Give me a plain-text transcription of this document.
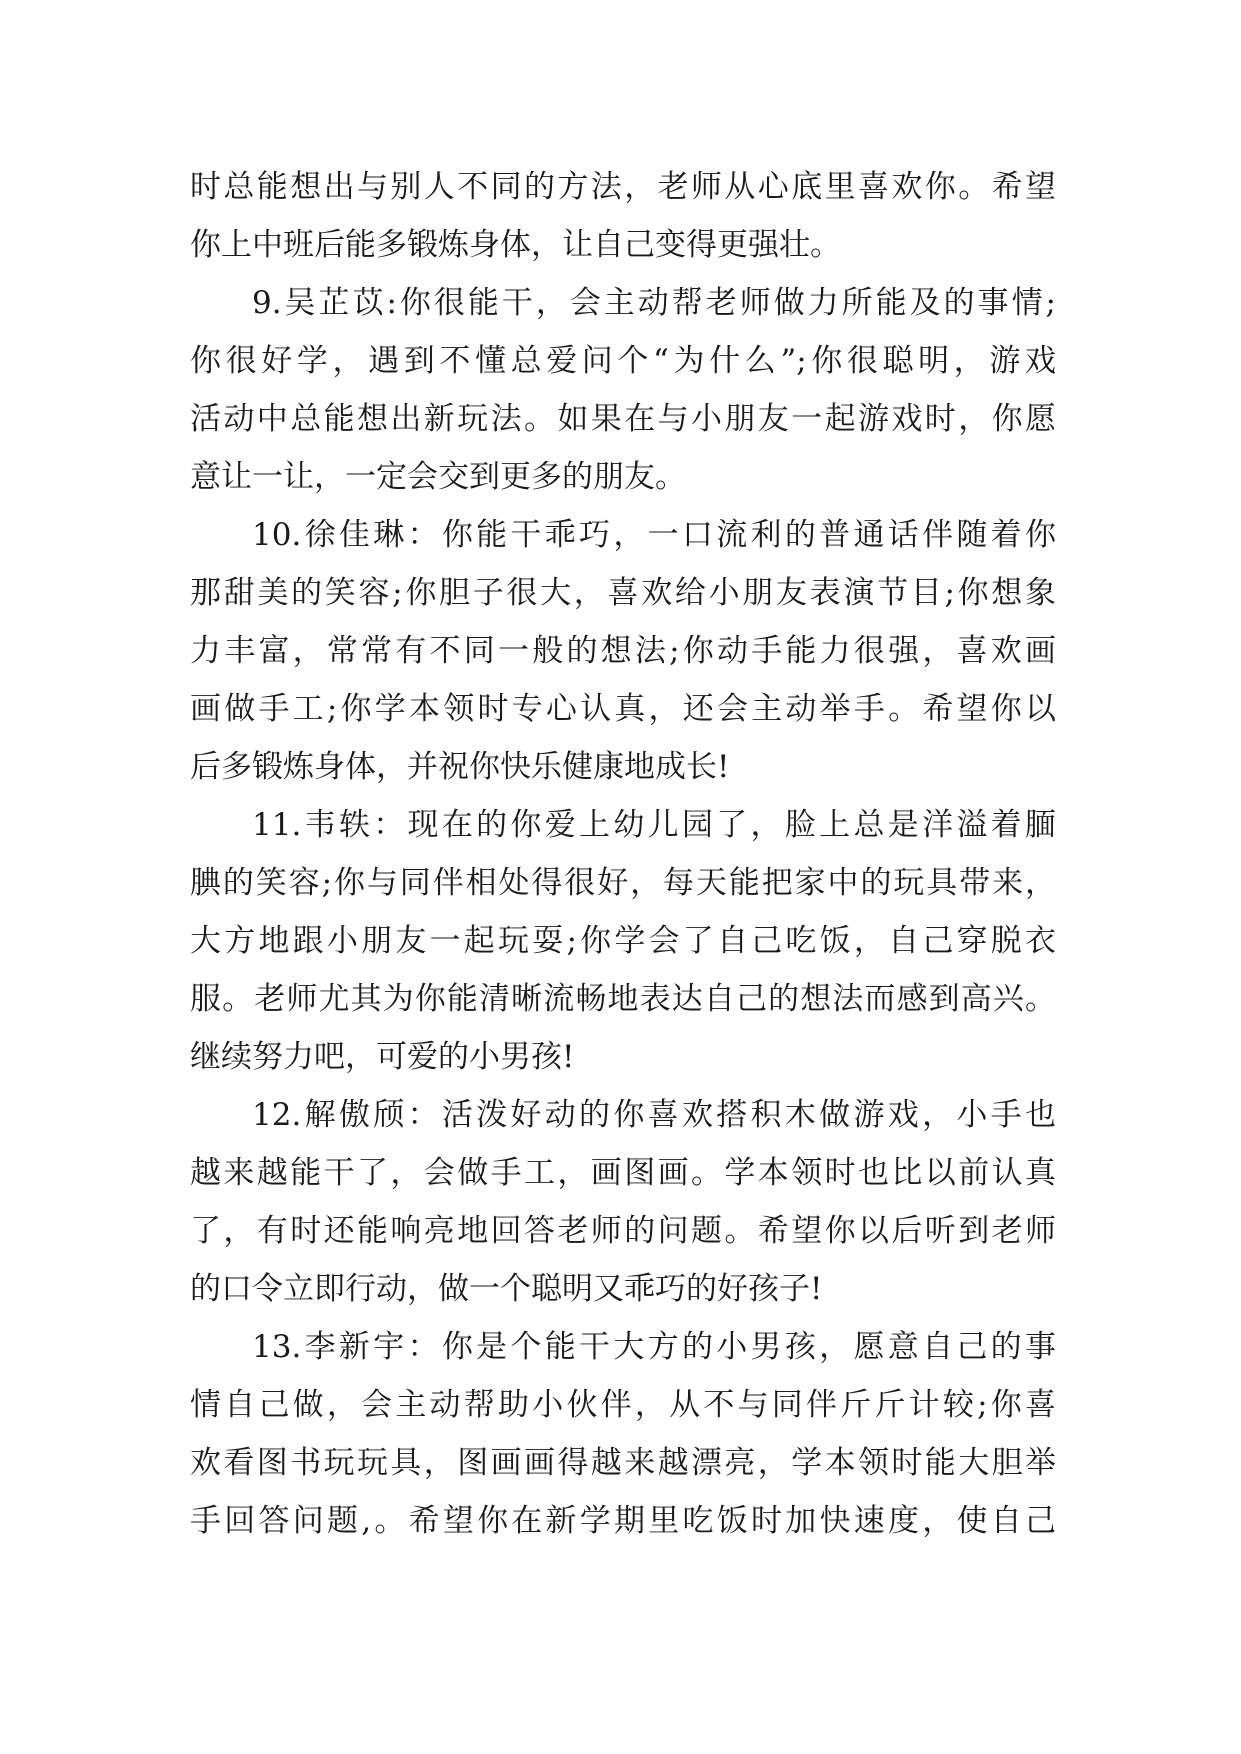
时总能想出与别人不同的方法，老师从心底里喜欢你。希望
你上中班后能多锻炼身体，让自己变得更强壮。
9.吴芷苡:你很能干，会主动帮老师做力所能及的事情;
你很好学，遇到不懂总爱问个“为什么”;你很聪明，游戏
活动中总能想出新玩法。如果在与小朋友一起游戏时，你愿
意让一让，一定会交到更多的朋友。
10.徐佳琳：你能干乖巧，一口流利的普通话伴随着你
那甜美的笑容;你胆子很大，喜欢给小朋友表演节目;你想象
力丰富，常常有不同一般的想法;你动手能力很强，喜欢画
画做手工;你学本领时专心认真，还会主动举手。希望你以
后多锻炼身体，并祝你快乐健康地成长!
11.韦轶：现在的你爱上幼儿园了，脸上总是洋溢着腼
腆的笑容;你与同伴相处得很好，每天能把家中的玩具带来，
大方地跟小朋友一起玩耍;你学会了自己吃饭，自己穿脱衣
服。老师尤其为你能清晰流畅地表达自己的想法而感到高兴。
继续努力吧，可爱的小男孩!
12.解傲颀：活泼好动的你喜欢搭积木做游戏，小手也
越来越能干了，会做手工，画图画。学本领时也比以前认真
了，有时还能响亮地回答老师的问题。希望你以后听到老师
的口令立即行动，做一个聪明又乖巧的好孩子!
13.李新宇：你是个能干大方的小男孩，愿意自己的事
情自己做，会主动帮助小伙伴，从不与同伴斤斤计较;你喜
欢看图书玩玩具，图画画得越来越漂亮，学本领时能大胆举
手回答问题,。希望你在新学期里吃饭时加快速度，使自己
